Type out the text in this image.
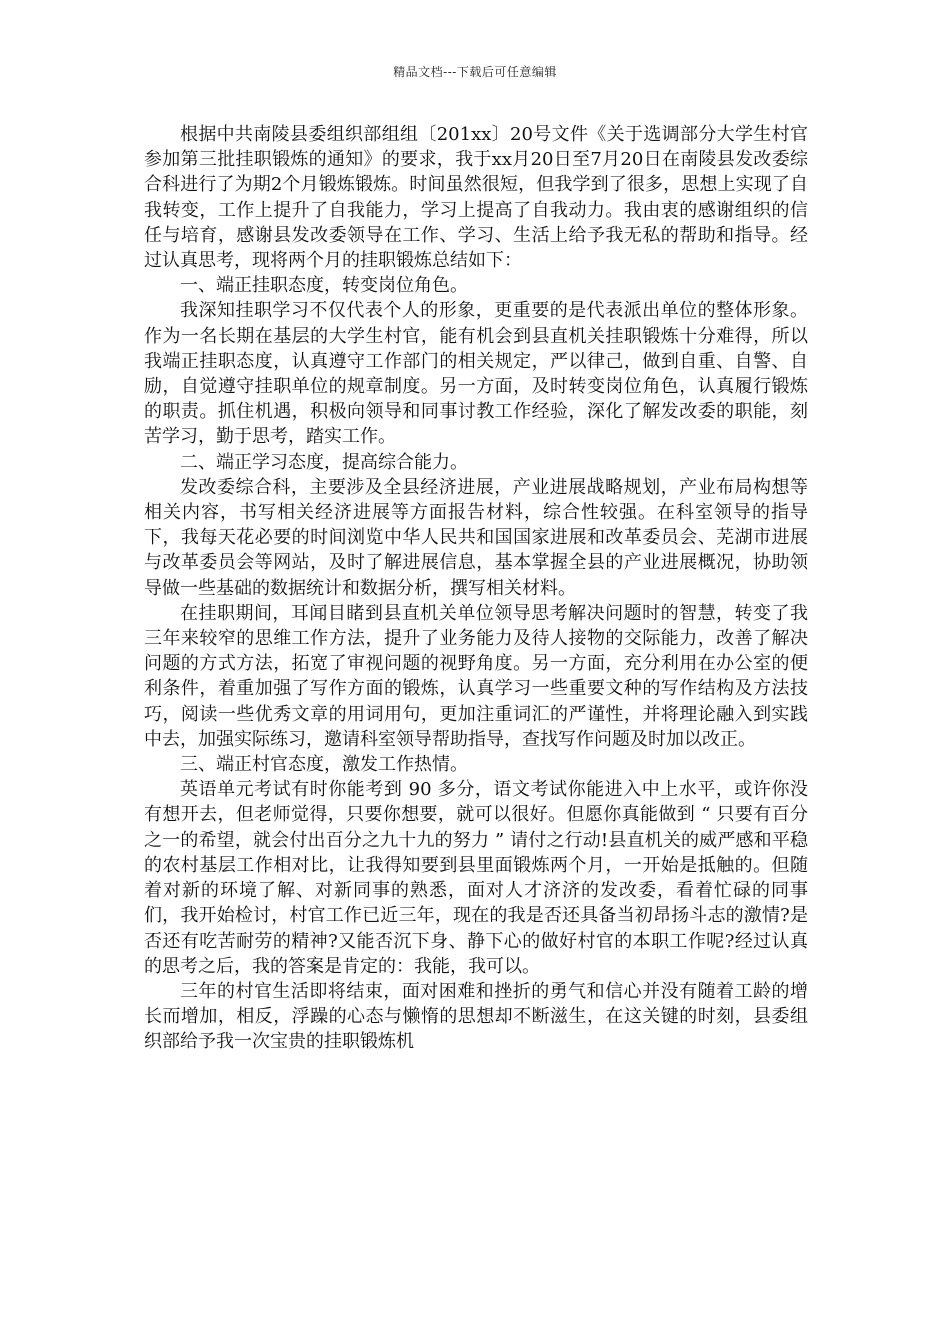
精品文档---下载后可任意编辑

根据中共南陵县委组织部组组〔201xx〕20号文件《关于选调部分大学生村官参加第三批挂职锻炼的通知》的要求，我于xx月20日至7月20日在南陵县发改委综合科进行了为期2个月锻炼锻炼。时间虽然很短，但我学到了很多，思想上实现了自我转变，工作上提升了自我能力，学习上提高了自我动力。我由衷的感谢组织的信任与培育，感谢县发改委领导在工作、学习、生活上给予我无私的帮助和指导。经过认真思考，现将两个月的挂职锻炼总结如下：

一、端正挂职态度，转变岗位角色。

我深知挂职学习不仅代表个人的形象，更重要的是代表派出单位的整体形象。作为一名长期在基层的大学生村官，能有机会到县直机关挂职锻炼十分难得，所以我端正挂职态度，认真遵守工作部门的相关规定，严以律己，做到自重、自警、自励，自觉遵守挂职单位的规章制度。另一方面，及时转变岗位角色，认真履行锻炼的职责。抓住机遇，积极向领导和同事讨教工作经验，深化了解发改委的职能，刻苦学习，勤于思考，踏实工作。

二、端正学习态度，提高综合能力。

发改委综合科，主要涉及全县经济进展，产业进展战略规划，产业布局构想等相关内容，书写相关经济进展等方面报告材料，综合性较强。在科室领导的指导下，我每天花必要的时间浏览中华人民共和国国家进展和改革委员会、芜湖市进展与改革委员会等网站，及时了解进展信息，基本掌握全县的产业进展概况，协助领导做一些基础的数据统计和数据分析，撰写相关材料。

在挂职期间，耳闻目睹到县直机关单位领导思考解决问题时的智慧，转变了我三年来较窄的思维工作方法，提升了业务能力及待人接物的交际能力，改善了解决问题的方式方法，拓宽了审视问题的视野角度。另一方面，充分利用在办公室的便利条件，着重加强了写作方面的锻炼，认真学习一些重要文种的写作结构及方法技巧，阅读一些优秀文章的用词用句，更加注重词汇的严谨性，并将理论融入到实践中去，加强实际练习，邀请科室领导帮助指导，查找写作问题及时加以改正。

三、端正村官态度，激发工作热情。

英语单元考试有时你能考到 90 多分，语文考试你能进入中上水平，或许你没有想开去，但老师觉得，只要你想要，就可以很好。但愿你真能做到 “ 只要有百分之一的希望，就会付出百分之九十九的努力 ” 请付之行动!县直机关的威严感和平稳的农村基层工作相对比，让我得知要到县里面锻炼两个月，一开始是抵触的。但随着对新的环境了解、对新同事的熟悉，面对人才济济的发改委，看着忙碌的同事们，我开始检讨，村官工作已近三年，现在的我是否还具备当初昂扬斗志的激情?是否还有吃苦耐劳的精神?又能否沉下身、静下心的做好村官的本职工作呢?经过认真的思考之后，我的答案是肯定的：我能，我可以。

三年的村官生活即将结束，面对困难和挫折的勇气和信心并没有随着工龄的增长而增加，相反，浮躁的心态与懒惰的思想却不断滋生，在这关键的时刻，县委组织部给予我一次宝贵的挂职锻炼机
